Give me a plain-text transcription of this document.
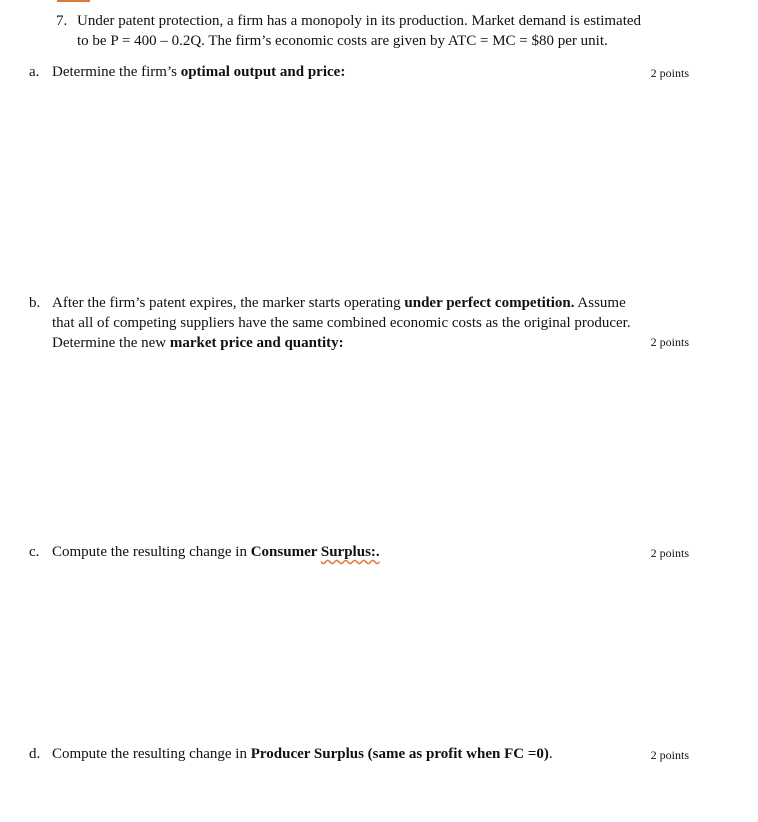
7. Under patent protection, a firm has a monopoly in its production. Market demand is estimated
to be P = 400 – 0.2Q. The firm’s economic costs are given by ATC = MC = $80 per unit.
a. Determine the firm’s optimal output and price:	2 points
b. After the firm’s patent expires, the marker starts operating under perfect competition. Assume
that all of competing suppliers have the same combined economic costs as the original producer.
Determine the new market price and quantity:	2 points
c. Compute the resulting change in Consumer Surplus:.	2 points
d. Compute the resulting change in Producer Surplus (same as profit when FC =0).	2 points
